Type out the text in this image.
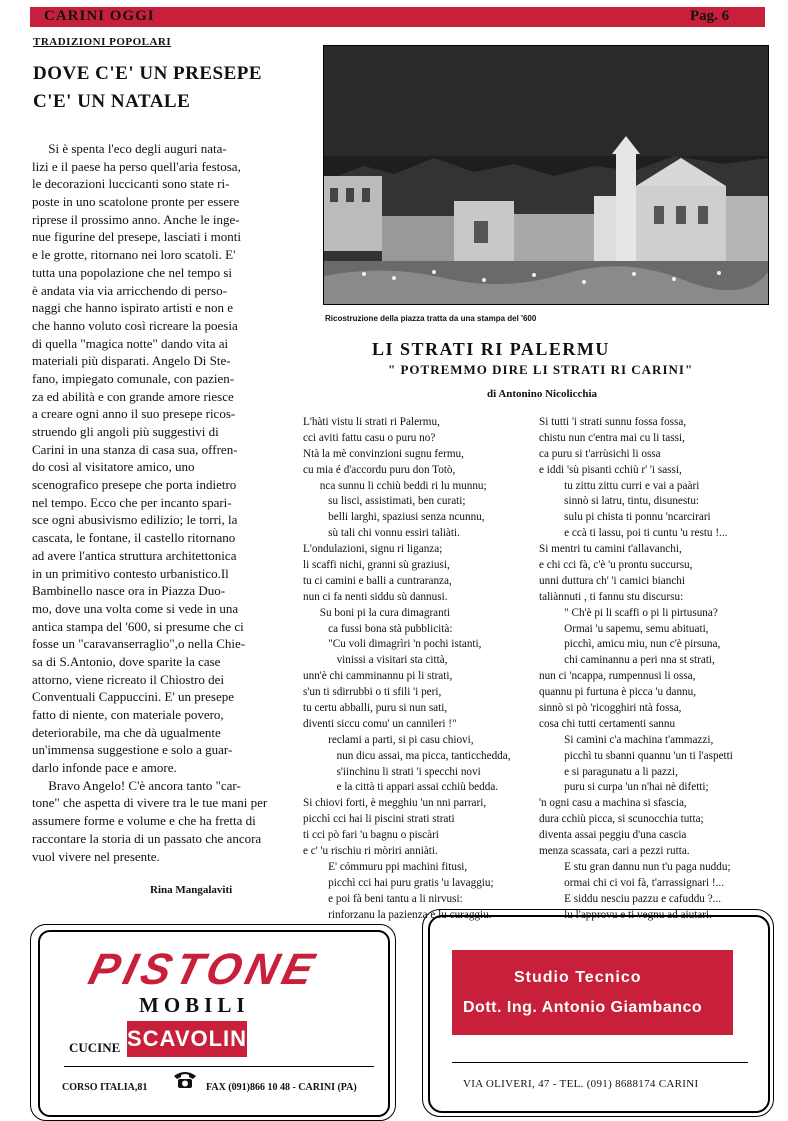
CARINI OGGI	Pag. 6
TRADIZIONI POPOLARI
DOVE C'E' UN PRESEPE
C'E' UN NATALE
Si è spenta l'eco degli auguri nata-
lizi e il paese ha perso quell'aria festosa,
le decorazioni luccicanti sono state ri-
poste in uno scatolone pronte per essere
riprese il prossimo anno. Anche le inge-
nue figurine del presepe, lasciati i monti
e le grotte, ritornano nei loro scatoli. E'
tutta una popolazione che nel tempo si
è andata via via arricchendo di perso-
naggi che hanno ispirato artisti e non e
che hanno voluto così ricreare la poesia
di quella "magica notte" dando vita ai
materiali più disparati. Angelo Di Ste-
fano, impiegato comunale, con pazien-
za ed abilità e con grande amore riesce
a creare ogni anno il suo presepe ricos-
struendo gli angoli più suggestivi di
Carini in una stanza di casa sua, offren-
do così al visitatore amico, uno
scenografico presepe che porta indietro
nel tempo. Ecco che per incanto spari-
sce ogni abusivismo edilizio; le torri, la
cascata, le fontane, il castello ritornano
ad avere l'antica struttura architettonica
in un primitivo contesto urbanistico.Il
Bambinello nasce ora in Piazza Duo-
mo, dove una volta come si vede in una
antica stampa del '600, si presume che ci
fosse un "caravanserraglio",o nella Chie-
sa di S.Antonio, dove sparite la case
attorno, viene ricreato il Chiostro dei
Conventuali Cappuccini. E' un presepe
fatto di niente, con materiale povero,
deteriorabile, ma che dà ugualmente
un'immensa suggestione e solo a guar-
darlo infonde pace e amore.
Bravo Angelo! C'è ancora tanto "car-
tone" che aspetta di vivere tra le tue mani per
assumere forme e volume e che ha fretta di
raccontare la storia di un passato che ancora
vuol vivere nel presente.
Rina Mangalaviti
Ricostruzione della piazza tratta da una stampa del '600
LI STRATI RI PALERMU
" POTREMMO DIRE LI STRATI RI CARINI"
di Antonino Nicolicchia
L'hàti vistu li strati ri Palermu,
cci aviti fattu casu o puru no?
Ntà la mè convinzioni sugnu fermu,
cu mia é d'accordu puru don Totò,
nca sunnu li cchiù beddi ri lu munnu;
su lisci, assistimati, ben curati;
belli larghi, spaziusi senza ncunnu,
sù tali chi vonnu essiri taliàti.
L'ondulazioni, signu ri liganza;
li scaffi nichi, granni sù graziusi,
tu ci camini e balli a cuntraranza,
nun ci fa nenti siddu sù dannusi.
Su boni pi la cura dimagranti
ca fussi bona stà pubblicità:
"Cu voli dimagrìri 'n pochi istanti,
vinissi a visitari sta città,
unn'è chi camminannu pi li strati,
s'un ti sdirrubbi o ti sfili 'i peri,
tu certu abballi, puru si nun sati,
diventi siccu comu' un cannileri !"
reclami a parti, si pi casu chiovi,
nun dicu assai, ma picca, tanticchedda,
s'iinchinu li strati 'i specchi novi
e la città ti appari assai cchiù bedda.
Si chiovi forti, è megghiu 'un nni parrari,
picchì cci hai li piscini strati strati
ti cci pò fari 'u bagnu o piscàri
e c' 'u rischiu ri mòriri anniàti.
E' cómmuru ppi machini fitusi,
picchì cci hai puru gratis 'u lavaggiu;
e poi fà beni tantu a li nirvusi:
rinforzanu la pazienza e lu curaggiu.
Si tutti 'i strati sunnu fossa fossa,
chistu nun c'entra mai cu li tassi,
ca puru si t'arrùsichi li ossa
e iddi 'sù pisanti cchiù r' 'i sassi,
tu zittu zittu curri e vai a paàri
sinnò si latru, tintu, disunestu:
sulu pi chista ti ponnu 'ncarcirari
e ccà ti lassu, poi ti cuntu 'u restu !...
Si mentri tu camini t'allavanchi,
e chi cci fà, c'è 'u prontu succursu,
unni duttura ch' 'i camici bianchi
taliànnuti , ti fannu stu discursu:
" Ch'è pi li scaffi o pi li pirtusuna?
Ormai 'u sapemu, semu abituati,
picchì, amicu miu, nun c'è pirsuna,
chi caminannu a peri nna st strati,
nun ci 'ncappa, rumpennusi li ossa,
quannu pi furtuna è picca 'u dannu,
sinnò si pò 'ricogghiri ntà fossa,
cosa chi tutti certamenti sannu
Si camini c'a machina t'ammazzi,
picchì tu sbanni quannu 'un ti l'aspetti
e si paragunatu a li pazzi,
puru si curpa 'un n'hai nè difetti;
'n ogni casu a machina si sfascia,
dura cchiù picca, si scunocchia tutta;
diventa assai peggiu d'una cascia
menza scassata, cari a pezzi rutta.
E stu gran dannu nun t'u paga nuddu;
ormai chi ci voi fà, t'arrassignari !...
E siddu nesciu pazzu e cafuddu ?...
lu l'approvu e ti vegnu ad aiutari.
PISTONE
MOBILI
CUCINE SCAVOLINI
CORSO ITALIA,81	FAX (091)866 10 48 - CARINI (PA)
Studio Tecnico
Dott. Ing. Antonio Giambanco
VIA OLIVERI, 47 - TEL. (091) 8688174 CARINI
